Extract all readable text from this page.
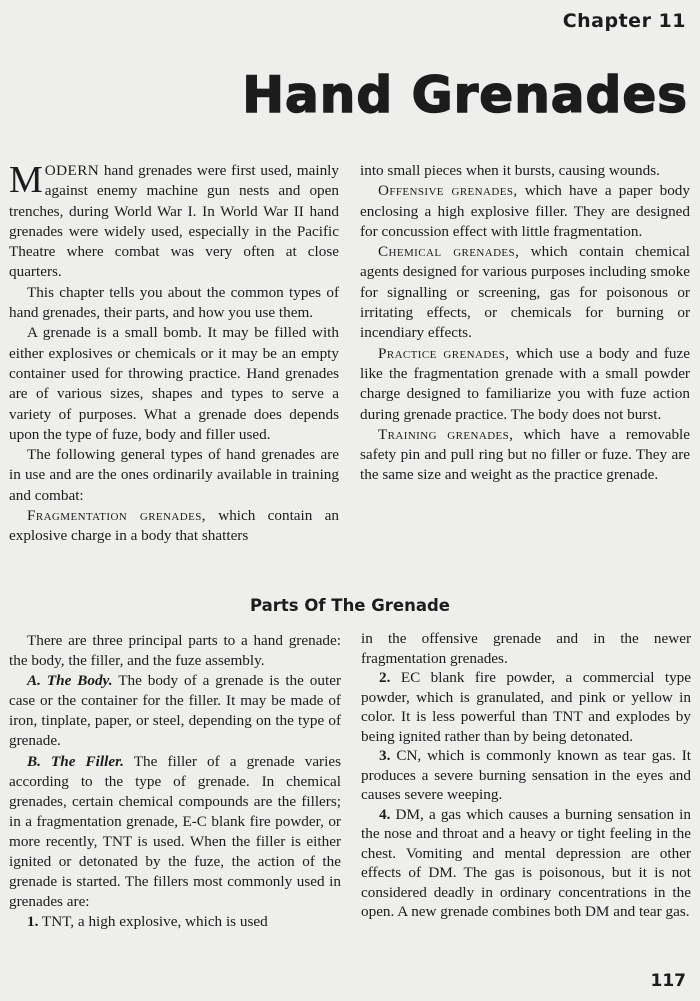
Chapter 11
Hand Grenades

MODERN hand grenades were first used, mainly against enemy machine gun nests and open trenches, during World War I. In World War II hand grenades were widely used, especially in the Pacific Theatre where combat was very often at close quarters.

This chapter tells you about the common types of hand grenades, their parts, and how you use them.

A grenade is a small bomb. It may be filled with either explosives or chemicals or it may be an empty container used for throwing practice. Hand grenades are of various sizes, shapes and types to serve a variety of purposes. What a grenade does depends upon the type of fuze, body and filler used.

The following general types of hand grenades are in use and are the ones ordinarily available in training and combat:

Fragmentation grenades, which contain an explosive charge in a body that shatters

into small pieces when it bursts, causing wounds.

Offensive grenades, which have a paper body enclosing a high explosive filler. They are designed for concussion effect with little fragmentation.

Chemical grenades, which contain chemical agents designed for various purposes including smoke for signalling or screening, gas for poisonous or irritating effects, or chemicals for burning or incendiary effects.

Practice grenades, which use a body and fuze like the fragmentation grenade with a small powder charge designed to familiarize you with fuze action during grenade practice. The body does not burst.

Training grenades, which have a removable safety pin and pull ring but no filler or fuze. They are the same size and weight as the practice grenade.

Parts Of The Grenade

There are three principal parts to a hand grenade: the body, the filler, and the fuze assembly.

A. The Body. The body of a grenade is the outer case or the container for the filler. It may be made of iron, tinplate, paper, or steel, depending on the type of grenade.

B. The Filler. The filler of a grenade varies according to the type of grenade. In chemical grenades, certain chemical compounds are the fillers; in a fragmentation grenade, E-C blank fire powder, or more recently, TNT is used. When the filler is either ignited or detonated by the fuze, the action of the grenade is started. The fillers most commonly used in grenades are:

1. TNT, a high explosive, which is used

in the offensive grenade and in the newer fragmentation grenades.

2. EC blank fire powder, a commercial type powder, which is granulated, and pink or yellow in color. It is less powerful than TNT and explodes by being ignited rather than by being detonated.

3. CN, which is commonly known as tear gas. It produces a severe burning sensation in the eyes and causes severe weeping.

4. DM, a gas which causes a burning sensation in the nose and throat and a heavy or tight feeling in the chest. Vomiting and mental depression are other effects of DM. The gas is poisonous, but it is not considered deadly in ordinary concentrations in the open. A new grenade combines both DM and tear gas.

117
